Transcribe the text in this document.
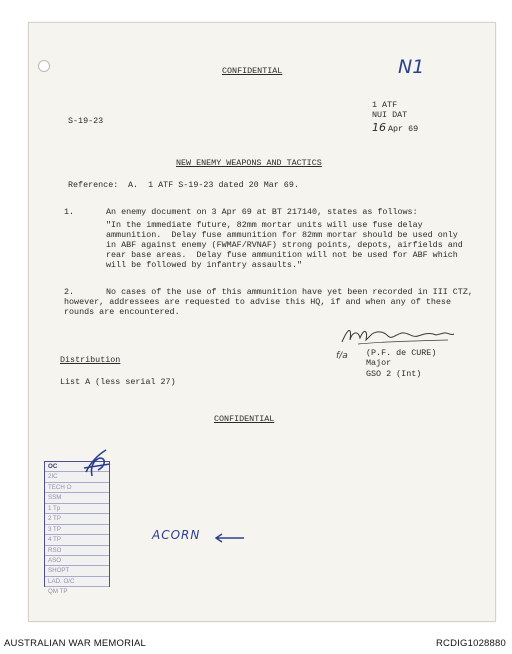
CONFIDENTIAL	N1
1 ATF
NUI DAT
S-19-23	16 Apr 69
NEW ENEMY WEAPONS AND TACTICS
Reference: A.  1 ATF S-19-23 dated 20 Mar 69.
1.	An enemy document on 3 Apr 69 at BT 217140, states as follows:
"In the immediate future, 82mm mortar units will use fuse delay
ammunition.  Delay fuse ammunition for 82mm mortar should be used only
in ABF against enemy (FWMAF/RVNAF) strong points, depots, airfields and
rear base areas.  Delay fuse ammunition will not be used for ABF which
will be followed by infantry assaults."
2.	No cases of the use of this ammunition have yet been recorded in III CTZ,
however, addressees are requested to advise this HQ, if and when any of these
rounds are encountered.
f/a (P.F. de CURE)
Major
GSO 2 (Int)
Distribution
List A (less serial 27)
CONFIDENTIAL
OC
2IC
TECH O
SSM
1 Tp
2 TP
3 TP
4 TP
RSO
ASO
SHOPT
LAD. O/C
QM TP
ACORN
AUSTRALIAN WAR MEMORIAL	RCDIG1028880
